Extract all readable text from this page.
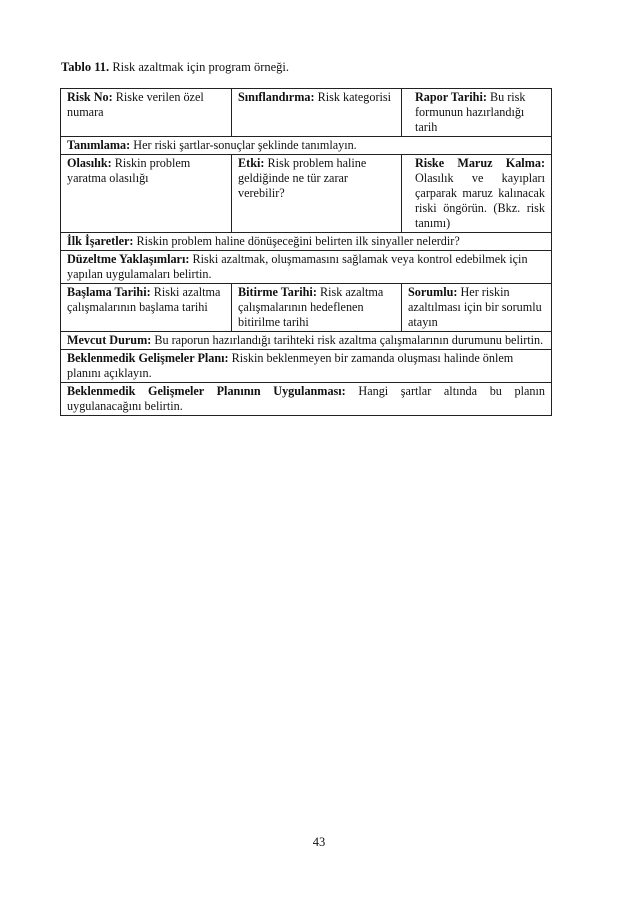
Tablo 11. Risk azaltmak için program örneği.
Risk No: Riske verilen özel numara	Sınıflandırma: Risk kategorisi	Rapor Tarihi: Bu risk formunun hazırlandığı tarih
Tanımlama: Her riski şartlar-sonuçlar şeklinde tanımlayın.		
Olasılık: Riskin problem yaratma olasılığı	Etki: Risk problem haline geldiğinde ne tür zarar verebilir?	Riske Maruz Kalma: Olasılık ve kayıpları çarparak maruz kalınacak riski öngörün. (Bkz. risk tanımı)
İlk İşaretler: Riskin problem haline dönüşeceğini belirten ilk sinyaller nelerdir?		
Düzeltme Yaklaşımları: Riski azaltmak, oluşmamasını sağlamak veya kontrol edebilmek için yapılan uygulamaları belirtin.		
Başlama Tarihi: Riski azaltma çalışmalarının başlama tarihi	Bitirme Tarihi: Risk azaltma çalışmalarının hedeflenen bitirilme tarihi	Sorumlu: Her riskin azaltılması için bir sorumlu atayın
Mevcut Durum: Bu raporun hazırlandığı tarihteki risk azaltma çalışmalarının durumunu belirtin.		
Beklenmedik Gelişmeler Planı: Riskin beklenmeyen bir zamanda oluşması halinde önlem planını açıklayın.		
Beklenmedik Gelişmeler Planının Uygulanması: Hangi şartlar altında bu planın uygulanacağını belirtin.		
43
